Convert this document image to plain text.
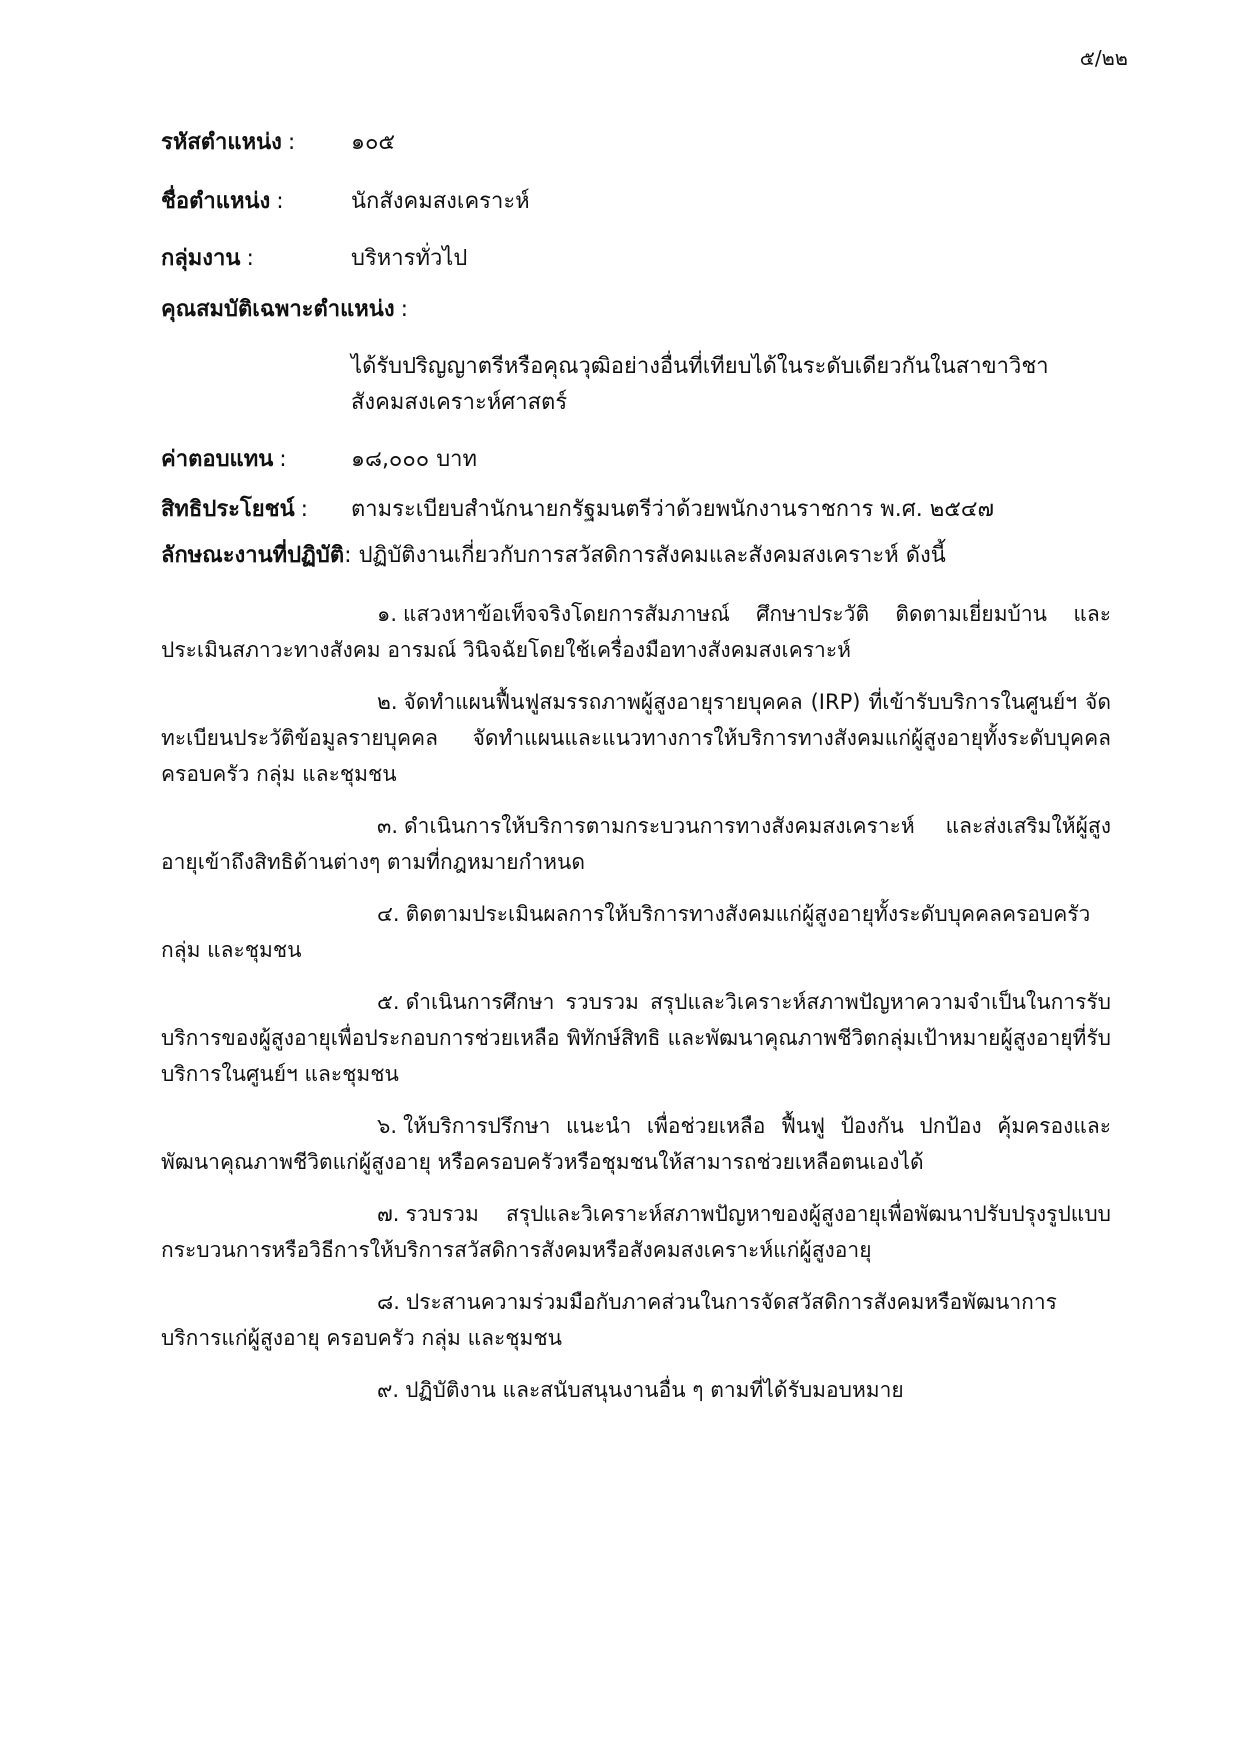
๕/๒๒
รหัสตำแหน่ง :	๑๐๕
ชื่อตำแหน่ง :	นักสังคมสงเคราะห์
กลุ่มงาน :	บริหารทั่วไป
คุณสมบัติเฉพาะตำแหน่ง :
ได้รับปริญญาตรีหรือคุณวุฒิอย่างอื่นที่เทียบได้ในระดับเดียวกันในสาขาวิชาสังคมสงเคราะห์ศาสตร์
ค่าตอบแทน :	๑๘,๐๐๐ บาท
สิทธิประโยชน์ : ตามระเบียบสำนักนายกรัฐมนตรีว่าด้วยพนักงานราชการ พ.ศ. ๒๕๔๗
ลักษณะงานที่ปฏิบัติ: ปฏิบัติงานเกี่ยวกับการสวัสดิการสังคมและสังคมสงเคราะห์ ดังนี้

๑. แสวงหาข้อเท็จจริงโดยการสัมภาษณ์ ศึกษาประวัติ ติดตามเยี่ยมบ้าน และประเมินสภาวะทางสังคม อารมณ์ วินิจฉัยโดยใช้เครื่องมือทางสังคมสงเคราะห์

๒. จัดทำแผนฟื้นฟูสมรรถภาพผู้สูงอายุรายบุคคล (IRP) ที่เข้ารับบริการในศูนย์ฯ จัดทะเบียนประวัติข้อมูลรายบุคคล จัดทำแผนและแนวทางการให้บริการทางสังคมแก่ผู้สูงอายุทั้งระดับบุคคล ครอบครัว กลุ่ม และชุมชน

๓. ดำเนินการให้บริการตามกระบวนการทางสังคมสงเคราะห์ และส่งเสริมให้ผู้สูงอายุเข้าถึงสิทธิด้านต่างๆ ตามที่กฎหมายกำหนด

๔. ติดตามประเมินผลการให้บริการทางสังคมแก่ผู้สูงอายุทั้งระดับบุคคลครอบครัว กลุ่ม และชุมชน

๕. ดำเนินการศึกษา รวบรวม สรุปและวิเคราะห์สภาพปัญหาความจำเป็นในการรับบริการของผู้สูงอายุเพื่อประกอบการช่วยเหลือ พิทักษ์สิทธิ และพัฒนาคุณภาพชีวิตกลุ่มเป้าหมายผู้สูงอายุที่รับบริการในศูนย์ฯ และชุมชน

๖. ให้บริการปรึกษา แนะนำ เพื่อช่วยเหลือ ฟื้นฟู ป้องกัน ปกป้อง คุ้มครองและพัฒนาคุณภาพชีวิตแก่ผู้สูงอายุ หรือครอบครัวหรือชุมชนให้สามารถช่วยเหลือตนเองได้

๗. รวบรวม สรุปและวิเคราะห์สภาพปัญหาของผู้สูงอายุเพื่อพัฒนาปรับปรุงรูปแบบกระบวนการหรือวิธีการให้บริการสวัสดิการสังคมหรือสังคมสงเคราะห์แก่ผู้สูงอายุ

๘. ประสานความร่วมมือกับภาคส่วนในการจัดสวัสดิการสังคมหรือพัฒนาการบริการแก่ผู้สูงอายุ ครอบครัว กลุ่ม และชุมชน

๙. ปฏิบัติงาน และสนับสนุนงานอื่น ๆ ตามที่ได้รับมอบหมาย
